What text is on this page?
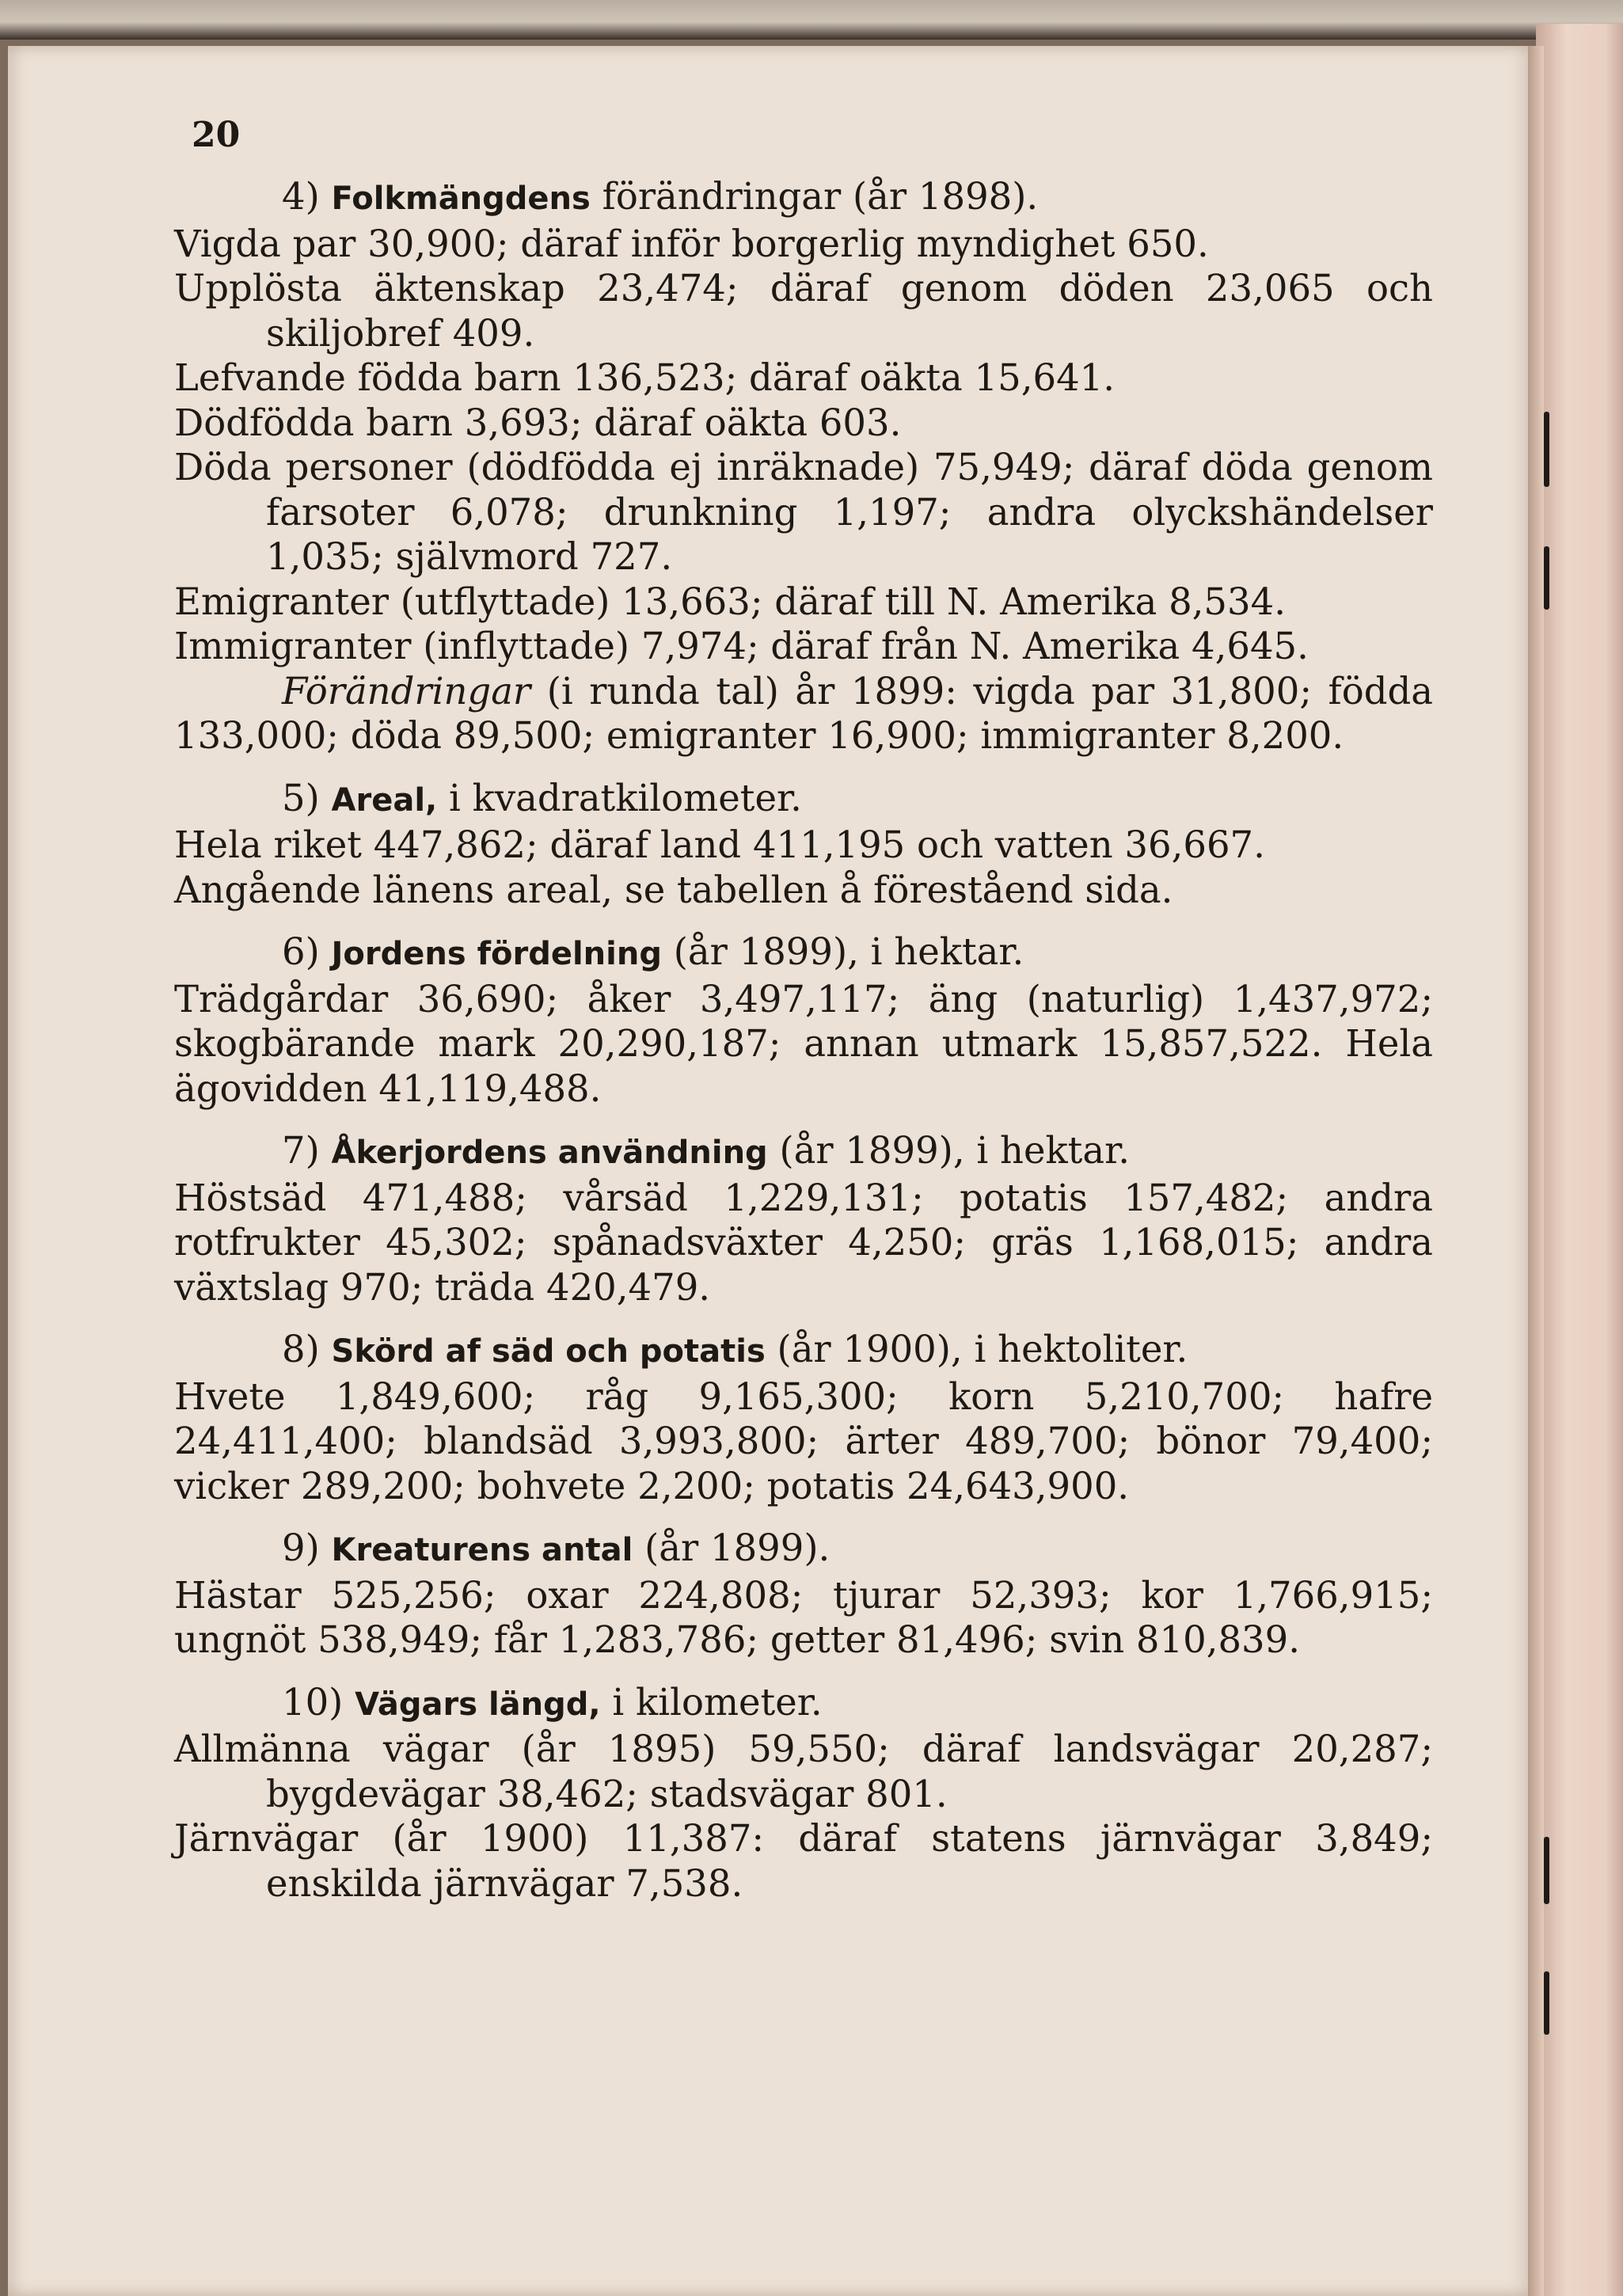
20
4) Folkmängdens förändringar (år 1898).
Vigda par 30,900; däraf inför borgerlig myndighet 650.
Upplösta äktenskap 23,474; däraf genom döden 23,065 och skiljobref 409.
Lefvande födda barn 136,523; däraf oäkta 15,641.
Dödfödda barn 3,693; däraf oäkta 603.
Döda personer (dödfödda ej inräknade) 75,949; däraf döda genom farsoter 6,078; drunkning 1,197; andra olyckshändelser 1,035; självmord 727.
Emigranter (utflyttade) 13,663; däraf till N. Amerika 8,534.
Immigranter (inflyttade) 7,974; däraf från N. Amerika 4,645.
Förändringar (i runda tal) år 1899: vigda par 31,800; födda 133,000; döda 89,500; emigranter 16,900; immigranter 8,200.
5) Areal, i kvadratkilometer.
Hela riket 447,862; däraf land 411,195 och vatten 36,667.
Angående länens areal, se tabellen å föreståend sida.
6) Jordens fördelning (år 1899), i hektar.
Trädgårdar 36,690; åker 3,497,117; äng (naturlig) 1,437,972; skogbärande mark 20,290,187; annan utmark 15,857,522. Hela ägovidden 41,119,488.
7) Åkerjordens användning (år 1899), i hektar.
Höstsäd 471,488; vårsäd 1,229,131; potatis 157,482; andra rotfrukter 45,302; spånadsväxter 4,250; gräs 1,168,015; andra växtslag 970; träda 420,479.
8) Skörd af säd och potatis (år 1900), i hektoliter.
Hvete 1,849,600; råg 9,165,300; korn 5,210,700; hafre 24,411,400; blandsäd 3,993,800; ärter 489,700; bönor 79,400; vicker 289,200; bohvete 2,200; potatis 24,643,900.
9) Kreaturens antal (år 1899).
Hästar 525,256; oxar 224,808; tjurar 52,393; kor 1,766,915; ungnöt 538,949; får 1,283,786; getter 81,496; svin 810,839.
10) Vägars längd, i kilometer.
Allmänna vägar (år 1895) 59,550; däraf landsvägar 20,287; bygdevägar 38,462; stadsvägar 801.
Järnvägar (år 1900) 11,387: däraf statens järnvägar 3,849; enskilda järnvägar 7,538.
